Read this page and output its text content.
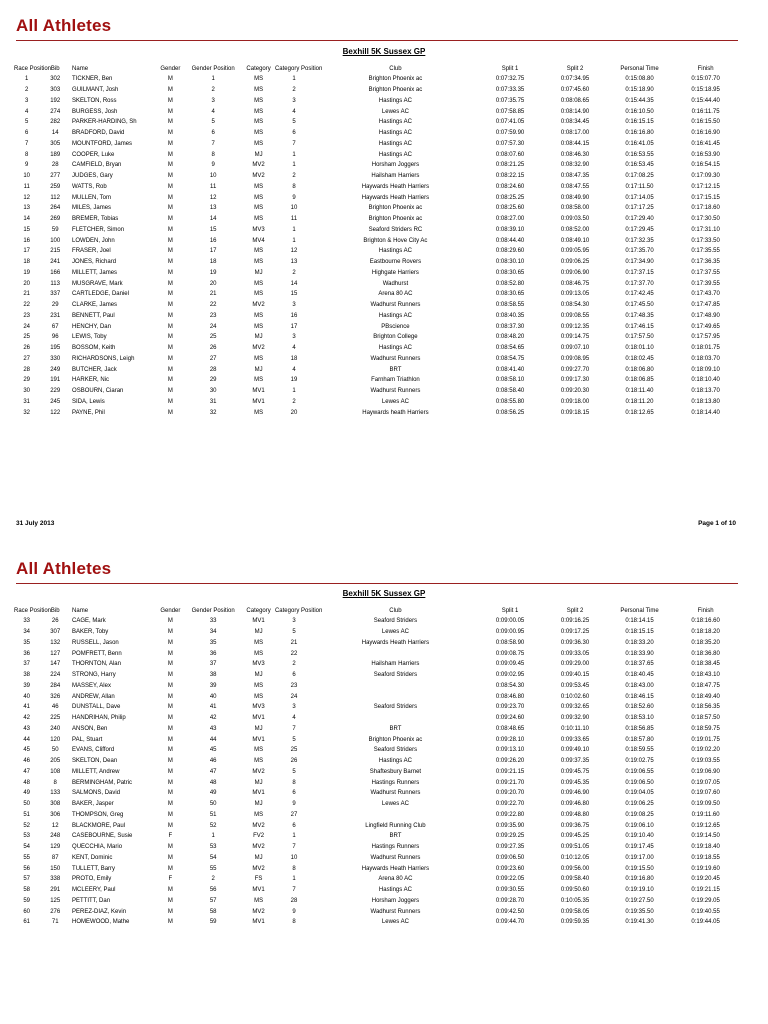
All Athletes
Bexhill 5K Sussex GP
Race Position	Bib	Name	Gender	Gender Position	Category	Category Position	Club	Split 1	Split 2	Personal Time	Finish
1	302	TICKNER, Ben	M	1	MS	1	Brighton Phoenix ac	0:07:32.75	0:07:34.95	0:15:08.80	0:15:07.70
2	303	GUILMANT, Josh	M	2	MS	2	Brighton Phoenix ac	0:07:33.35	0:07:45.60	0:15:18.90	0:15:18.95
3	192	SKELTON, Ross	M	3	MS	3	Hastings AC	0:07:35.75	0:08:08.65	0:15:44.35	0:15:44.40
4	274	BURGESS, Josh	M	4	MS	4	Lewes AC	0:07:58.85	0:08:14.90	0:16:10.50	0:16:11.75
5	282	PARKER-HARDING, Sh	M	5	MS	5	Hastings AC	0:07:41.05	0:08:34.45	0:16:15.15	0:16:15.50
6	14	BRADFORD, David	M	6	MS	6	Hastings AC	0:07:59.90	0:08:17.00	0:16:16.80	0:16:16.90
7	305	MOUNTFORD, James	M	7	MS	7	Hastings AC	0:07:57.30	0:08:44.15	0:16:41.05	0:16:41.45
8	189	COOPER, Luke	M	8	MJ	1	Hastings AC	0:08:07.60	0:08:46.30	0:16:53.55	0:16:53.90
9	28	CAMFIELD, Bryan	M	9	MV2	1	Horsham Joggers	0:08:21.25	0:08:32.90	0:16:53.45	0:16:54.15
10	277	JUDGES, Gary	M	10	MV2	2	Hailsham Harriers	0:08:22.15	0:08:47.35	0:17:08.25	0:17:09.30
11	259	WATTS, Rob	M	11	MS	8	Haywards Heath Harriers	0:08:24.60	0:08:47.55	0:17:11.50	0:17:12.15
12	112	MULLEN, Tom	M	12	MS	9	Haywards Heath Harriers	0:08:25.25	0:08:49.90	0:17:14.05	0:17:15.15
13	264	MILES, James	M	13	MS	10	Brighton Phoenix ac	0:08:25.60	0:08:58.00	0:17:17.25	0:17:18.60
14	269	BREMER, Tobias	M	14	MS	11	Brighton Phoenix ac	0:08:27.00	0:09:03.50	0:17:29.40	0:17:30.50
15	59	FLETCHER, Simon	M	15	MV3	1	Seaford Striders RC	0:08:39.10	0:08:52.00	0:17:29.45	0:17:31.10
16	100	LOWDEN, John	M	16	MV4	1	Brighton & Hove City Ac	0:08:44.40	0:08:49.10	0:17:32.35	0:17:33.50
17	215	FRASER, Joel	M	17	MS	12	Hastings AC	0:08:29.60	0:09:05.95	0:17:35.70	0:17:35.55
18	241	JONES, Richard	M	18	MS	13	Eastbourne Rovers	0:08:30.10	0:09:06.25	0:17:34.90	0:17:36.35
19	166	MILLETT, James	M	19	MJ	2	Highgate Harriers	0:08:30.65	0:09:06.90	0:17:37.15	0:17:37.55
20	113	MUSGRAVE, Mark	M	20	MS	14	Wadhurst	0:08:52.80	0:08:46.75	0:17:37.70	0:17:39.55
21	337	CARTLEDGE, Daniel	M	21	MS	15	Arena 80 AC	0:08:30.65	0:09:13.05	0:17:42.45	0:17:43.70
22	29	CLARKE, James	M	22	MV2	3	Wadhurst Runners	0:08:58.55	0:08:54.30	0:17:45.50	0:17:47.85
23	231	BENNETT, Paul	M	23	MS	16	Hastings AC	0:08:40.35	0:09:08.55	0:17:48.35	0:17:48.90
24	67	HENCHY, Dan	M	24	MS	17	PBscience	0:08:37.30	0:09:12.35	0:17:46.15	0:17:49.65
25	96	LEWIS, Toby	M	25	MJ	3	Brighton College	0:08:48.20	0:09:14.75	0:17:57.50	0:17:57.95
26	195	BOSSOM, Keith	M	26	MV2	4	Hastings AC	0:08:54.65	0:09:07.10	0:18:01.10	0:18:01.75
27	330	RICHARDSONS, Leigh	M	27	MS	18	Wadhurst Runners	0:08:54.75	0:09:08.95	0:18:02.45	0:18:03.70
28	249	BUTCHER, Jack	M	28	MJ	4	BRT	0:08:41.40	0:09:27.70	0:18:06.80	0:18:09.10
29	191	HARKER, Nic	M	29	MS	19	Farnham Triathlon	0:08:58.10	0:09:17.30	0:18:06.85	0:18:10.40
30	229	OSBOURN, Ciaran	M	30	MV1	1	Wadhurst Runners	0:08:58.40	0:09:20.30	0:18:11.40	0:18:13.70
31	245	SIDA, Lewis	M	31	MV1	2	Lewes AC	0:08:55.80	0:09:18.00	0:18:11.20	0:18:13.80
32	122	PAYNE, Phil	M	32	MS	20	Haywards heath Harriers	0:08:56.25	0:09:18.15	0:18:12.65	0:18:14.40
31 July 2013	Page 1 of 10
All Athletes
Bexhill 5K Sussex GP
Race Position	Bib	Name	Gender	Gender Position	Category	Category Position	Club	Split 1	Split 2	Personal Time	Finish
33	26	CAGE, Mark	M	33	MV1	3	Seaford Striders	0:09:00.05	0:09:16.25	0:18:14.15	0:18:16.60
34	307	BAKER, Toby	M	34	MJ	5	Lewes AC	0:09:00.95	0:09:17.25	0:18:15.15	0:18:18.20
35	132	RUSSELL, Jason	M	35	MS	21	Haywards Heath Harriers	0:08:58.90	0:09:36.30	0:18:33.20	0:18:35.20
36	127	POMFRETT, Benn	M	36	MS	22		0:09:08.75	0:09:33.05	0:18:33.90	0:18:36.80
37	147	THORNTON, Alan	M	37	MV3	2	Hailsham Harriers	0:09:09.45	0:09:29.00	0:18:37.65	0:18:38.45
38	224	STRONG, Harry	M	38	MJ	6	Seaford Striders	0:09:02.95	0:09:40.15	0:18:40.45	0:18:43.10
39	284	MASSEY, Alex	M	39	MS	23		0:08:54.30	0:09:53.45	0:18:43.00	0:18:47.75
40	326	ANDREW, Allan	M	40	MS	24		0:08:46.80	0:10:02.60	0:18:46.15	0:18:49.40
41	46	DUNSTALL, Dave	M	41	MV3	3	Seaford Striders	0:09:23.70	0:09:32.65	0:18:52.60	0:18:56.35
42	225	HANDRIHAN, Philip	M	42	MV1	4		0:09:24.60	0:09:32.90	0:18:53.10	0:18:57.50
43	240	ANSON, Ben	M	43	MJ	7	BRT	0:08:48.65	0:10:11.10	0:18:56.85	0:18:59.75
44	120	PAL, Stuart	M	44	MV1	5	Brighton Phoenix ac	0:09:28.10	0:09:33.65	0:18:57.80	0:19:01.75
45	50	EVANS, Clifford	M	45	MS	25	Seaford Striders	0:09:13.10	0:09:49.10	0:18:59.55	0:19:02.20
46	205	SKELTON, Dean	M	46	MS	26	Hastings AC	0:09:26.20	0:09:37.35	0:19:02.75	0:19:03.55
47	108	MILLETT, Andrew	M	47	MV2	5	Shaftesbury Barnet	0:09:21.15	0:09:45.75	0:19:06.55	0:19:06.90
48	8	BERMINGHAM, Patric	M	48	MJ	8	Hastings Runners	0:09:21.70	0:09:45.35	0:19:06.50	0:19:07.05
49	133	SALMONS, David	M	49	MV1	6	Wadhurst Runners	0:09:20.70	0:09:46.90	0:19:04.05	0:19:07.60
50	308	BAKER, Jasper	M	50	MJ	9	Lewes AC	0:09:22.70	0:09:46.80	0:19:06.25	0:19:09.50
51	306	THOMPSON, Greg	M	51	MS	27		0:09:22.80	0:09:48.80	0:19:08.25	0:19:11.60
52	12	BLACKMORE, Paul	M	52	MV2	6	Lingfield Running Club	0:09:35.90	0:09:36.75	0:19:06.10	0:19:12.65
53	248	CASEBOURNE, Susie	F	1	FV2	1	BRT	0:09:29.25	0:09:45.25	0:19:10.40	0:19:14.50
54	129	QUECCHIA, Mario	M	53	MV2	7	Hastings Runners	0:09:27.35	0:09:51.05	0:19:17.45	0:19:18.40
55	87	KENT, Dominic	M	54	MJ	10	Wadhurst Runners	0:09:06.50	0:10:12.05	0:19:17.00	0:19:18.55
56	150	TULLETT, Barry	M	55	MV2	8	Haywards Heath Harriers	0:09:23.60	0:09:56.00	0:19:15.50	0:19:19.60
57	338	PROTO, Emily	F	2	FS	1	Arena 80 AC	0:09:22.05	0:09:58.40	0:19:16.80	0:19:20.45
58	291	MCLEERY, Paul	M	56	MV1	7	Hastings AC	0:09:30.55	0:09:50.60	0:19:19.10	0:19:21.15
59	125	PETTITT, Dan	M	57	MS	28	Horsham Joggers	0:09:28.70	0:10:05.35	0:19:27.50	0:19:29.05
60	276	PEREZ-DIAZ, Kevin	M	58	MV2	9	Wadhurst Runners	0:09:42.50	0:09:58.05	0:19:35.50	0:19:40.55
61	71	HOMEWOOD, Mathe	M	59	MV1	8	Lewes AC	0:09:44.70	0:09:59.35	0:19:41.30	0:19:44.05
